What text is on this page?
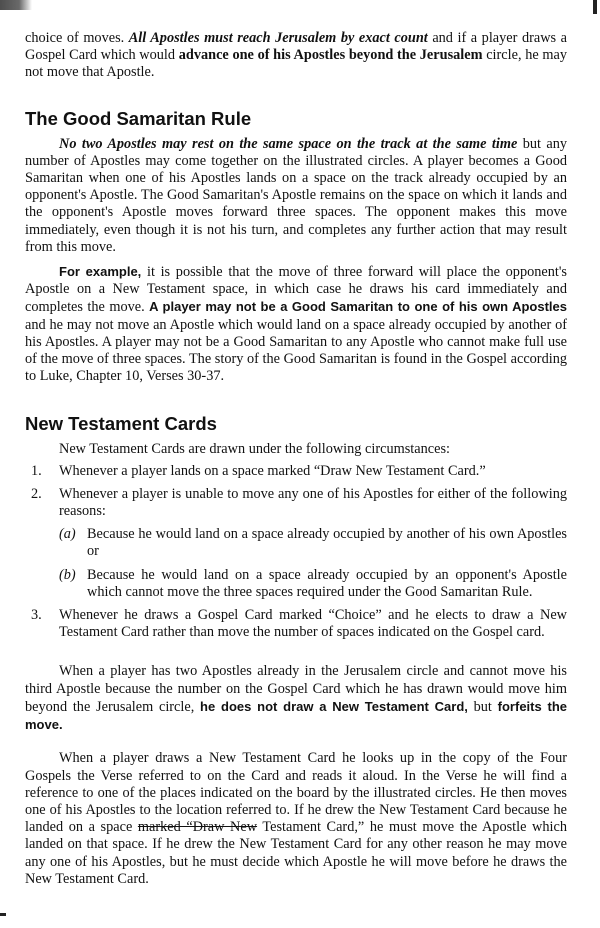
choice of moves. All Apostles must reach Jerusalem by exact count and if a player draws a Gospel Card which would advance one of his Apostles beyond the Jerusalem circle, he may not move that Apostle.

The Good Samaritan Rule

No two Apostles may rest on the same space on the track at the same time but any number of Apostles may come together on the illustrated circles. A player becomes a Good Samaritan when one of his Apostles lands on a space on the track already occupied by an opponent's Apostle. The Good Samaritan's Apostle remains on the space on which it lands and the opponent's Apostle moves forward three spaces. The opponent makes this move immediately, even though it is not his turn, and completes any further action that may result from this move.

For example, it is possible that the move of three forward will place the opponent's Apostle on a New Testament space, in which case he draws his card immediately and completes the move. A player may not be a Good Samaritan to one of his own Apostles and he may not move an Apostle which would land on a space already occupied by another of his Apostles. A player may not be a Good Samaritan to any Apostle who cannot make full use of the move of three spaces. The story of the Good Samaritan is found in the Gospel according to Luke, Chapter 10, Verses 30-37.

New Testament Cards

New Testament Cards are drawn under the following circumstances:

1.	Whenever a player lands on a space marked “Draw New Testament Card.”
2.	Whenever a player is unable to move any one of his Apostles for either of the following reasons:
(a) Because he would land on a space already occupied by another of his own Apostles or
(b) Because he would land on a space already occupied by an opponent's Apostle which cannot move the three spaces required under the Good Samaritan Rule.
3.	Whenever he draws a Gospel Card marked “Choice” and he elects to draw a New Testament Card rather than move the number of spaces indicated on the Gospel card.

When a player has two Apostles already in the Jerusalem circle and cannot move his third Apostle because the number on the Gospel Card which he has drawn would move him beyond the Jerusalem circle, he does not draw a New Testament Card, but forfeits the move.

When a player draws a New Testament Card he looks up in the copy of the Four Gospels the Verse referred to on the Card and reads it aloud. In the Verse he will find a reference to one of the places indicated on the board by the illustrated circles. He then moves one of his Apostles to the location referred to. If he drew the New Testament Card because he landed on a space marked “Draw New Testament Card,” he must move the Apostle which landed on that space. If he drew the New Testament Card for any other reason he may move any one of his Apostles, but he must decide which Apostle he will move before he draws the New Testament Card.
